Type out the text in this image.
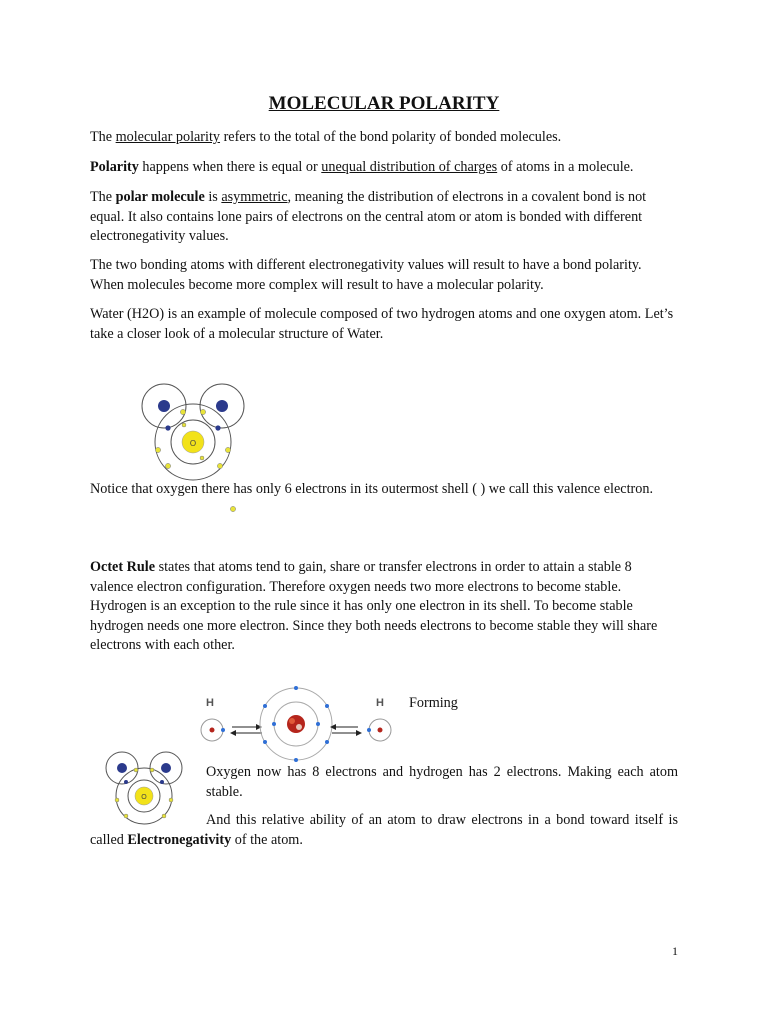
MOLECULAR POLARITY

The molecular polarity refers to the total of the bond polarity of bonded molecules.

Polarity happens when there is equal or unequal distribution of charges of atoms in a molecule.

The polar molecule is asymmetric, meaning the distribution of electrons in a covalent bond is not equal. It also contains lone pairs of electrons on the central atom or atom is bonded with different electronegativity values.

The two bonding atoms with different electronegativity values will result to have a bond polarity. When molecules become more complex will result to have a molecular polarity.

Water (H2O) is an example of molecule composed of two hydrogen atoms and one oxygen atom. Let’s take a closer look of a molecular structure of Water.

O

Notice that oxygen there has only 6 electrons in its outermost shell ( ) we call this valence electron.

Octet Rule states that atoms tend to gain, share or transfer electrons in order to attain a stable 8 valence electron configuration. Therefore oxygen needs two more electrons to become stable. Hydrogen is an exception to the rule since it has only one electron in its shell. To become stable hydrogen needs one more electron. Since they both needs electrons to become stable they will share electrons with each other.

H	H Forming

O

Oxygen now has 8 electrons and hydrogen has 2 electrons. Making each atom stable.

And this relative ability of an atom to draw electrons in a bond toward itself is called Electronegativity of the atom.

1
